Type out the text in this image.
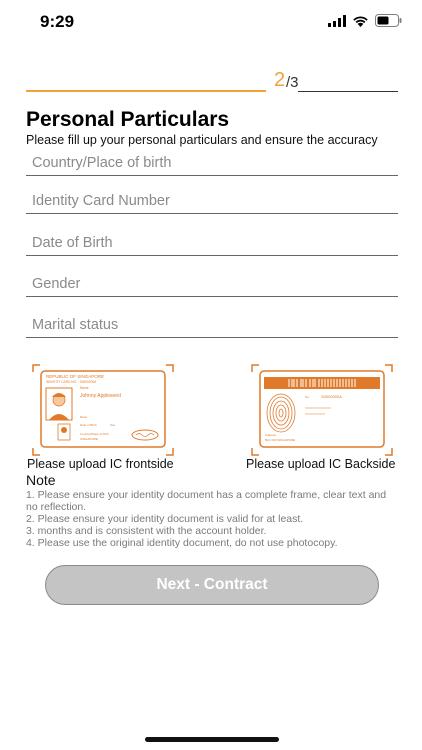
9:29
2 /3
Personal Particulars
Please fill up your personal particulars and ensure the accuracy
Country/Place of birth
Identity Card Number
Date of Birth
Gender
Marital status
REPUBLIC OF SINGAPORE
IDENTITY CARD NO. : S0000000A
Name
Johnny Appleseed
Race
Date of Birth	Sex
Country/Place of birth
SINGAPORE
Please upload IC frontside
No.	S0000000A
Address
BLK 000 SINGAPORE
Please upload IC Backside
Note
1. Please ensure your identity document has a complete frame, clear text and no reflection.
2. Please ensure your identity document is valid for at least.
3. months and is consistent with the account holder.
4. Please use the original identity document, do not use photocopy.
Next - Contract
